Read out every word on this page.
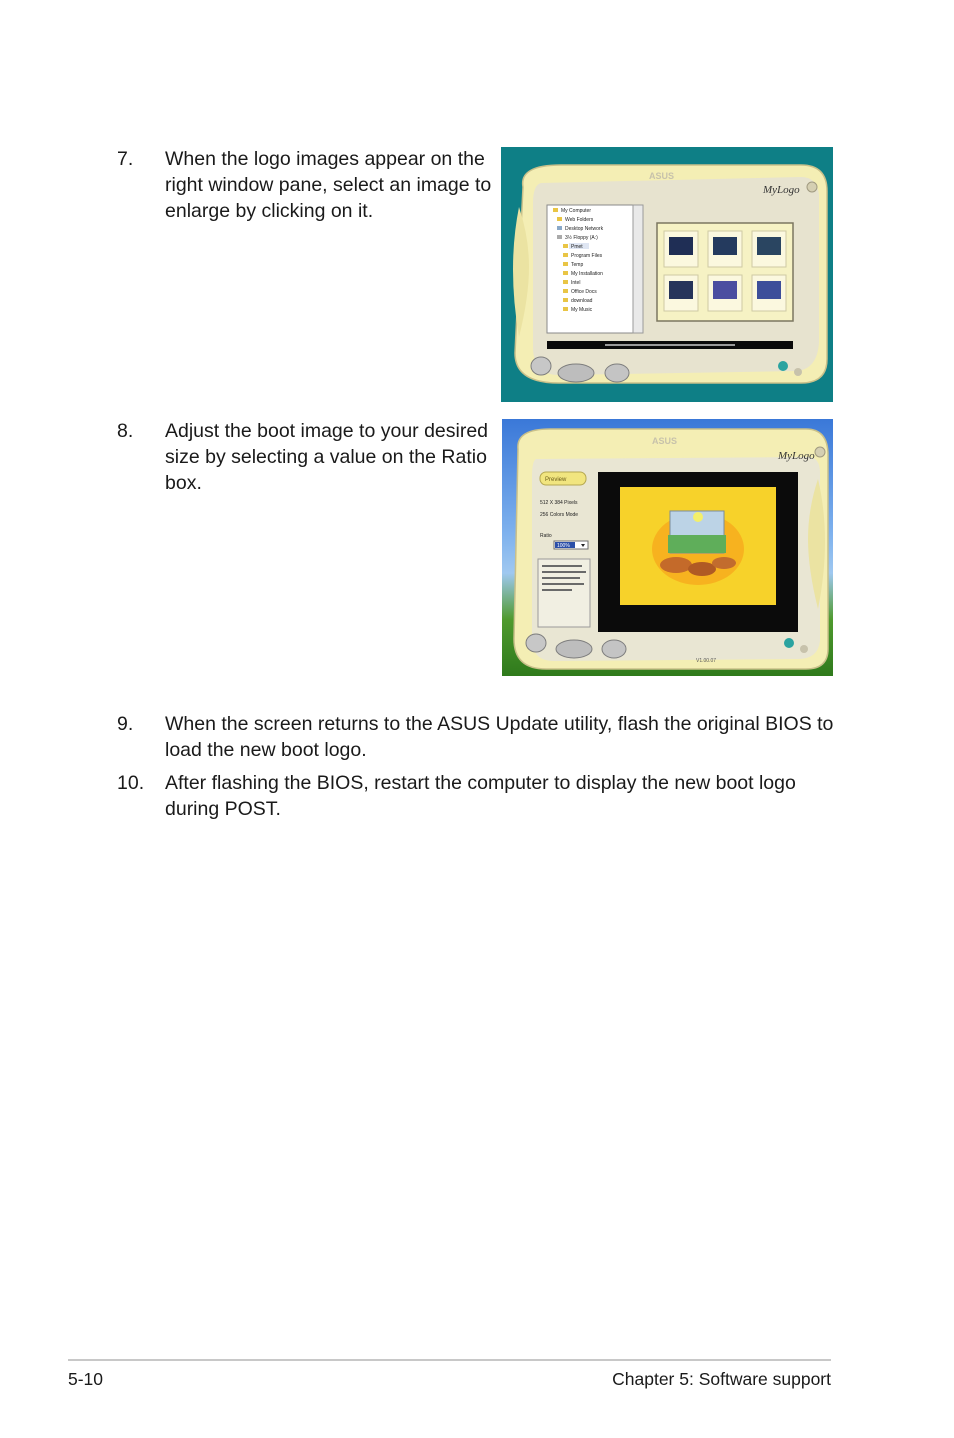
7. When the logo images appear on the right window pane, select an image to enlarge by clicking on it.
ASUS
MyLogo
My Computer
Web Folders
Desktop Network
3½ Floppy (A:)
Pmet
Program Files
Temp
My Installation
Intel
Office Docs
download
My Music
8. Adjust the boot image to your desired size by selecting a value on the Ratio box.
ASUS
MyLogo
Preview
512 X 384 Pixels
256 Colors Mode
Ratio
100%
V1.00.07
9. When the screen returns to the ASUS Update utility, flash the original BIOS to load the new boot logo.
10. After flashing the BIOS, restart the computer to display the new boot logo during POST.
5-10	Chapter 5: Software support
